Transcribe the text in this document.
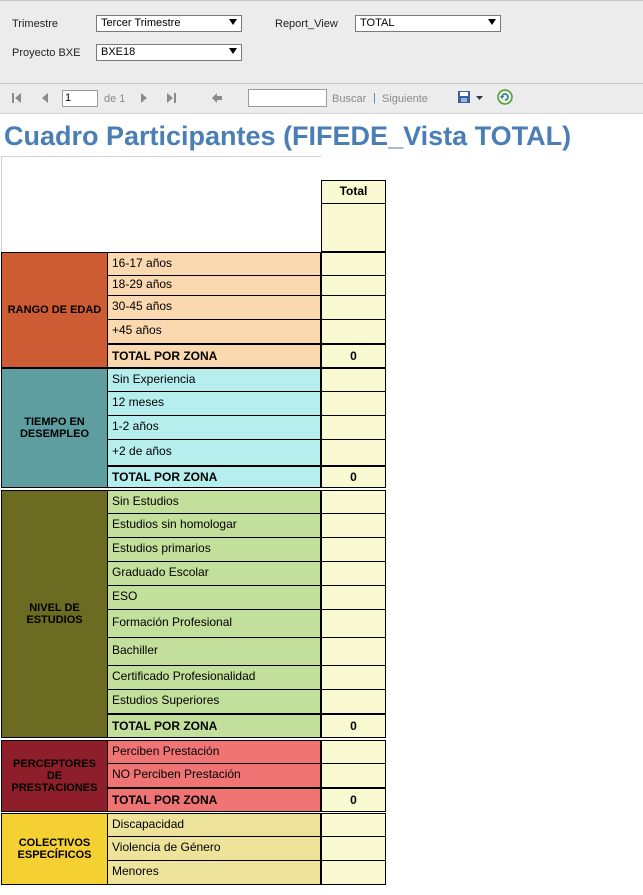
Trimestre	Tercer Trimestre	Report_View	TOTAL
Proyecto BXE	BXE18
1	de 1	Buscar | Siguiente
Cuadro Participantes (FIFEDE_Vista TOTAL)
Total
RANGO DE EDAD
16-17 años
18-29 años
30-45 años
+45 años
TOTAL POR ZONA	0
TIEMPO EN DESEMPLEO
Sin Experiencia
12 meses
1-2 años
+2 de años
TOTAL POR ZONA	0
NIVEL DE ESTUDIOS
Sin Estudios
Estudios sin homologar
Estudios primarios
Graduado Escolar
ESO
Formación Profesional
Bachiller
Certificado Profesionalidad
Estudios Superiores
TOTAL POR ZONA	0
PERCEPTORES DE PRESTACIONES
Perciben Prestación
NO Perciben Prestación
TOTAL POR ZONA	0
COLECTIVOS ESPECÍFICOS
Discapacidad
Violencia de Género
Menores
